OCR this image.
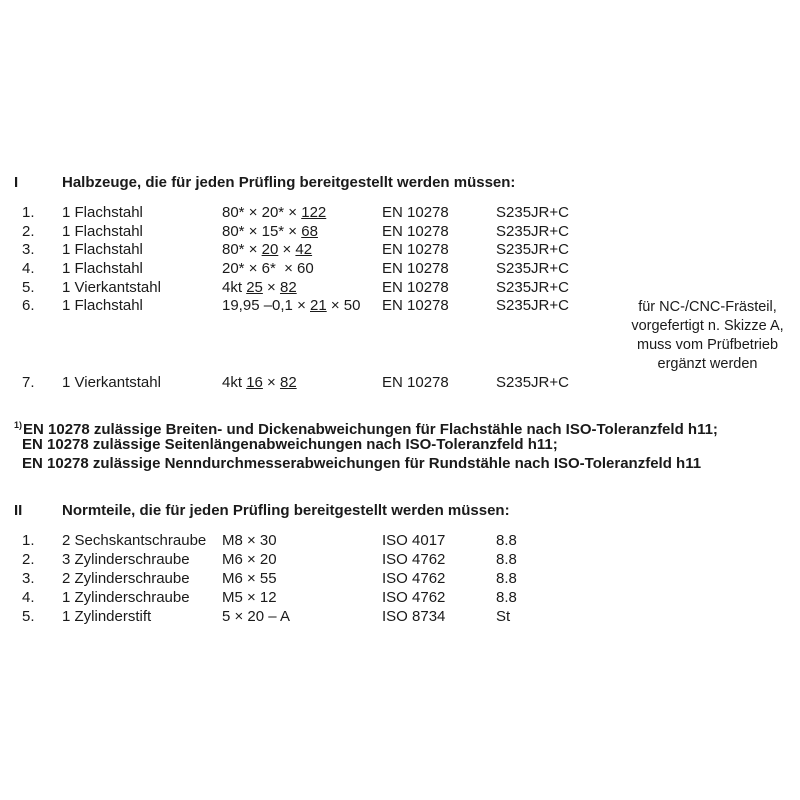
I	Halbzeuge, die für jeden Prüfling bereitgestellt werden müssen:
1. 1 Flachstahl	80* × 20* × 122	EN 10278	S235JR+C
2. 1 Flachstahl	80* × 15* × 68	EN 10278	S235JR+C
3. 1 Flachstahl	80* × 20 × 42	EN 10278	S235JR+C
4. 1 Flachstahl	20* × 6*  × 60	EN 10278	S235JR+C
5. 1 Vierkantstahl	4kt 25 × 82	EN 10278	S235JR+C
6. 1 Flachstahl	19,95 –0,1 × 21 × 50 EN 10278	S235JR+C	für NC-/CNC-Frästeil,
vorgefertigt n. Skizze A,
muss vom Prüfbetrieb
ergänzt werden
7. 1 Vierkantstahl	4kt 16 × 82	EN 10278	S235JR+C
$^{1)}$EN 10278 zulässige Breiten- und Dickenabweichungen für Flachstähle nach ISO-Toleranzfeld h11;
EN 10278 zulässige Seitenlängenabweichungen nach ISO-Toleranzfeld h11;
EN 10278 zulässige Nenndurchmesserabweichungen für Rundstähle nach ISO-Toleranzfeld h11
II	Normteile, die für jeden Prüfling bereitgestellt werden müssen:
1. 2 Sechskantschraube M8 × 30	ISO 4017	8.8
2. 3 Zylinderschraube M6 × 20	ISO 4762	8.8
3. 2 Zylinderschraube M6 × 55	ISO 4762	8.8
4. 1 Zylinderschraube M5 × 12	ISO 4762	8.8
5. 1 Zylinderstift	5 × 20 – A	ISO 8734	St
